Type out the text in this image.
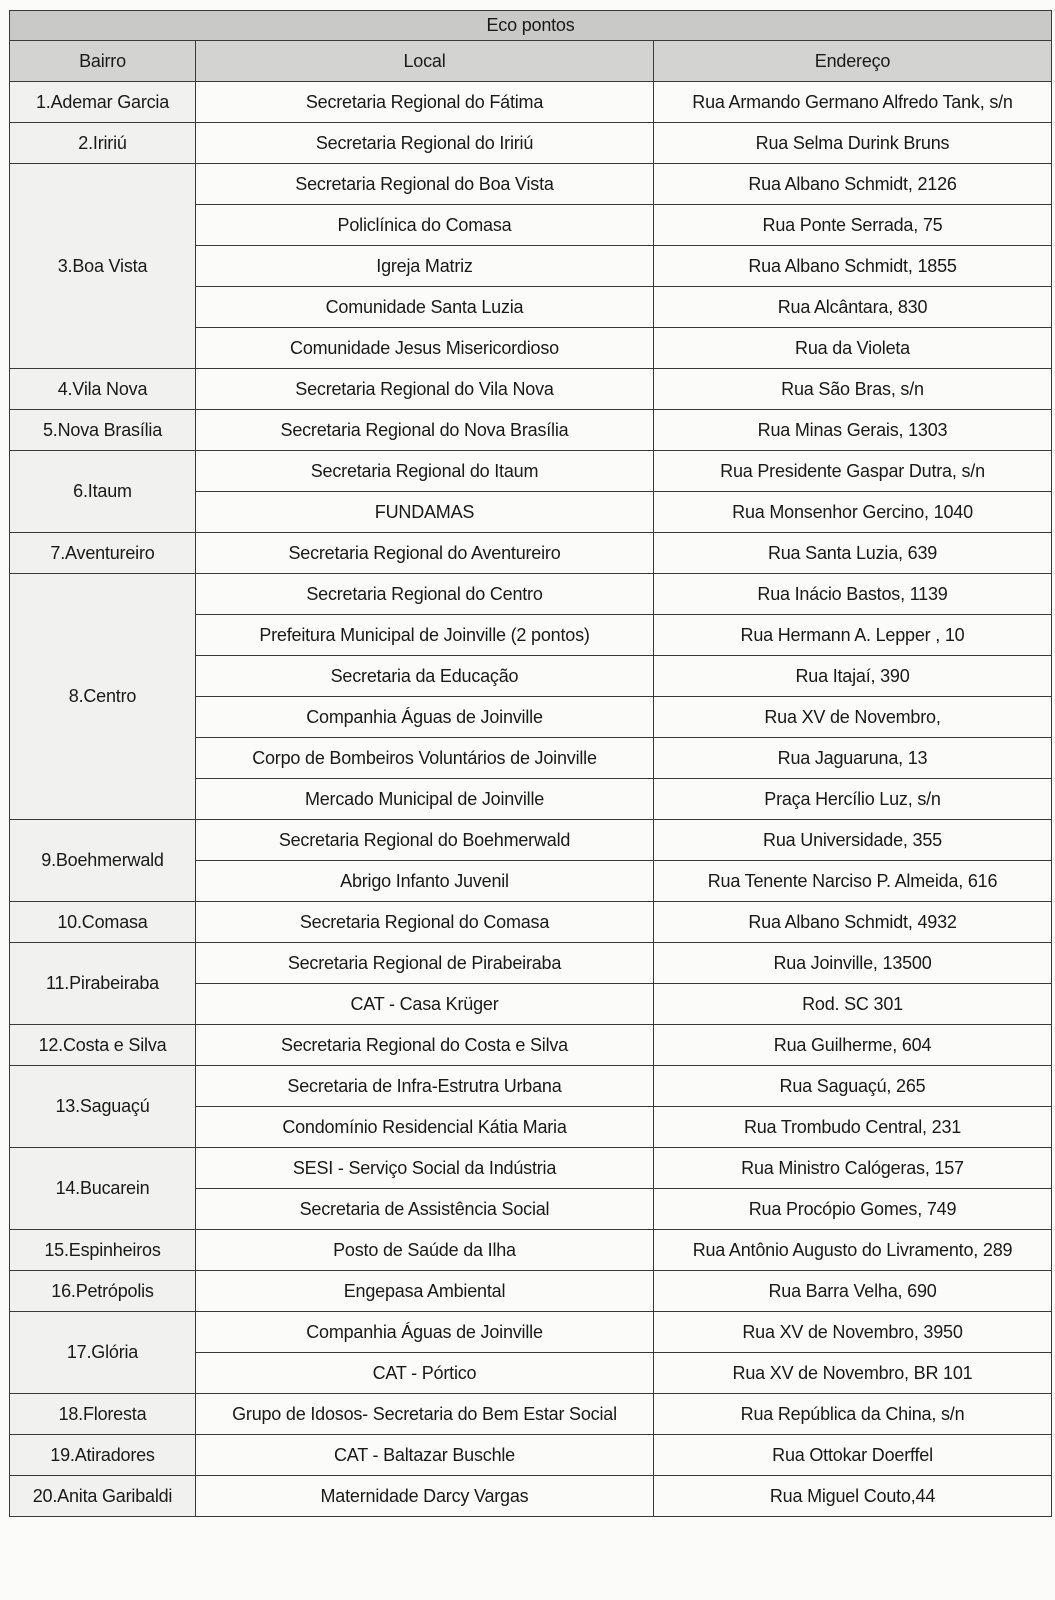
Eco pontos		
Bairro	Local	Endereço
1.Ademar Garcia	Secretaria Regional do Fátima	Rua Armando Germano Alfredo Tank, s/n
2.Iririú	Secretaria Regional do Iririú	Rua Selma Durink Bruns
3.Boa Vista	Secretaria Regional do Boa Vista	Rua Albano Schmidt, 2126
	Policlínica do Comasa	Rua Ponte Serrada, 75
	Igreja Matriz	Rua Albano Schmidt, 1855
	Comunidade Santa Luzia	Rua Alcântara, 830
	Comunidade Jesus Misericordioso	Rua da Violeta
4.Vila Nova	Secretaria Regional do Vila Nova	Rua São Bras, s/n
5.Nova Brasília	Secretaria Regional do Nova Brasília	Rua Minas Gerais, 1303
6.Itaum	Secretaria Regional do Itaum	Rua Presidente Gaspar Dutra, s/n
	FUNDAMAS	Rua Monsenhor Gercino, 1040
7.Aventureiro	Secretaria Regional do Aventureiro	Rua Santa Luzia, 639
8.Centro	Secretaria Regional do Centro	Rua Inácio Bastos, 1139
	Prefeitura Municipal de Joinville (2 pontos)	Rua Hermann A. Lepper , 10
	Secretaria da Educação	Rua Itajaí, 390
	Companhia Águas de Joinville	Rua XV de Novembro,
	Corpo de Bombeiros Voluntários de Joinville	Rua Jaguaruna, 13
	Mercado Municipal de Joinville	Praça Hercílio Luz, s/n
9.Boehmerwald	Secretaria Regional do Boehmerwald	Rua Universidade, 355
	Abrigo Infanto Juvenil	Rua Tenente Narciso P. Almeida, 616
10.Comasa	Secretaria Regional do Comasa	Rua Albano Schmidt, 4932
11.Pirabeiraba	Secretaria Regional de Pirabeiraba	Rua Joinville, 13500
	CAT - Casa Krüger	Rod. SC 301
12.Costa e Silva	Secretaria Regional do Costa e Silva	Rua Guilherme, 604
13.Saguaçú	Secretaria de Infra-Estrutra Urbana	Rua Saguaçú, 265
	Condomínio Residencial Kátia Maria	Rua Trombudo Central, 231
14.Bucarein	SESI - Serviço Social da Indústria	Rua Ministro Calógeras, 157
	Secretaria de Assistência Social	Rua Procópio Gomes, 749
15.Espinheiros	Posto de Saúde da Ilha	Rua Antônio Augusto do Livramento, 289
16.Petrópolis	Engepasa Ambiental	Rua Barra Velha, 690
17.Glória	Companhia Águas de Joinville	Rua XV de Novembro, 3950
	CAT - Pórtico	Rua XV de Novembro, BR 101
18.Floresta	Grupo de Idosos- Secretaria do Bem Estar Social	Rua República da China, s/n
19.Atiradores	CAT - Baltazar Buschle	Rua Ottokar Doerffel
20.Anita Garibaldi	Maternidade Darcy Vargas	Rua Miguel Couto,44
